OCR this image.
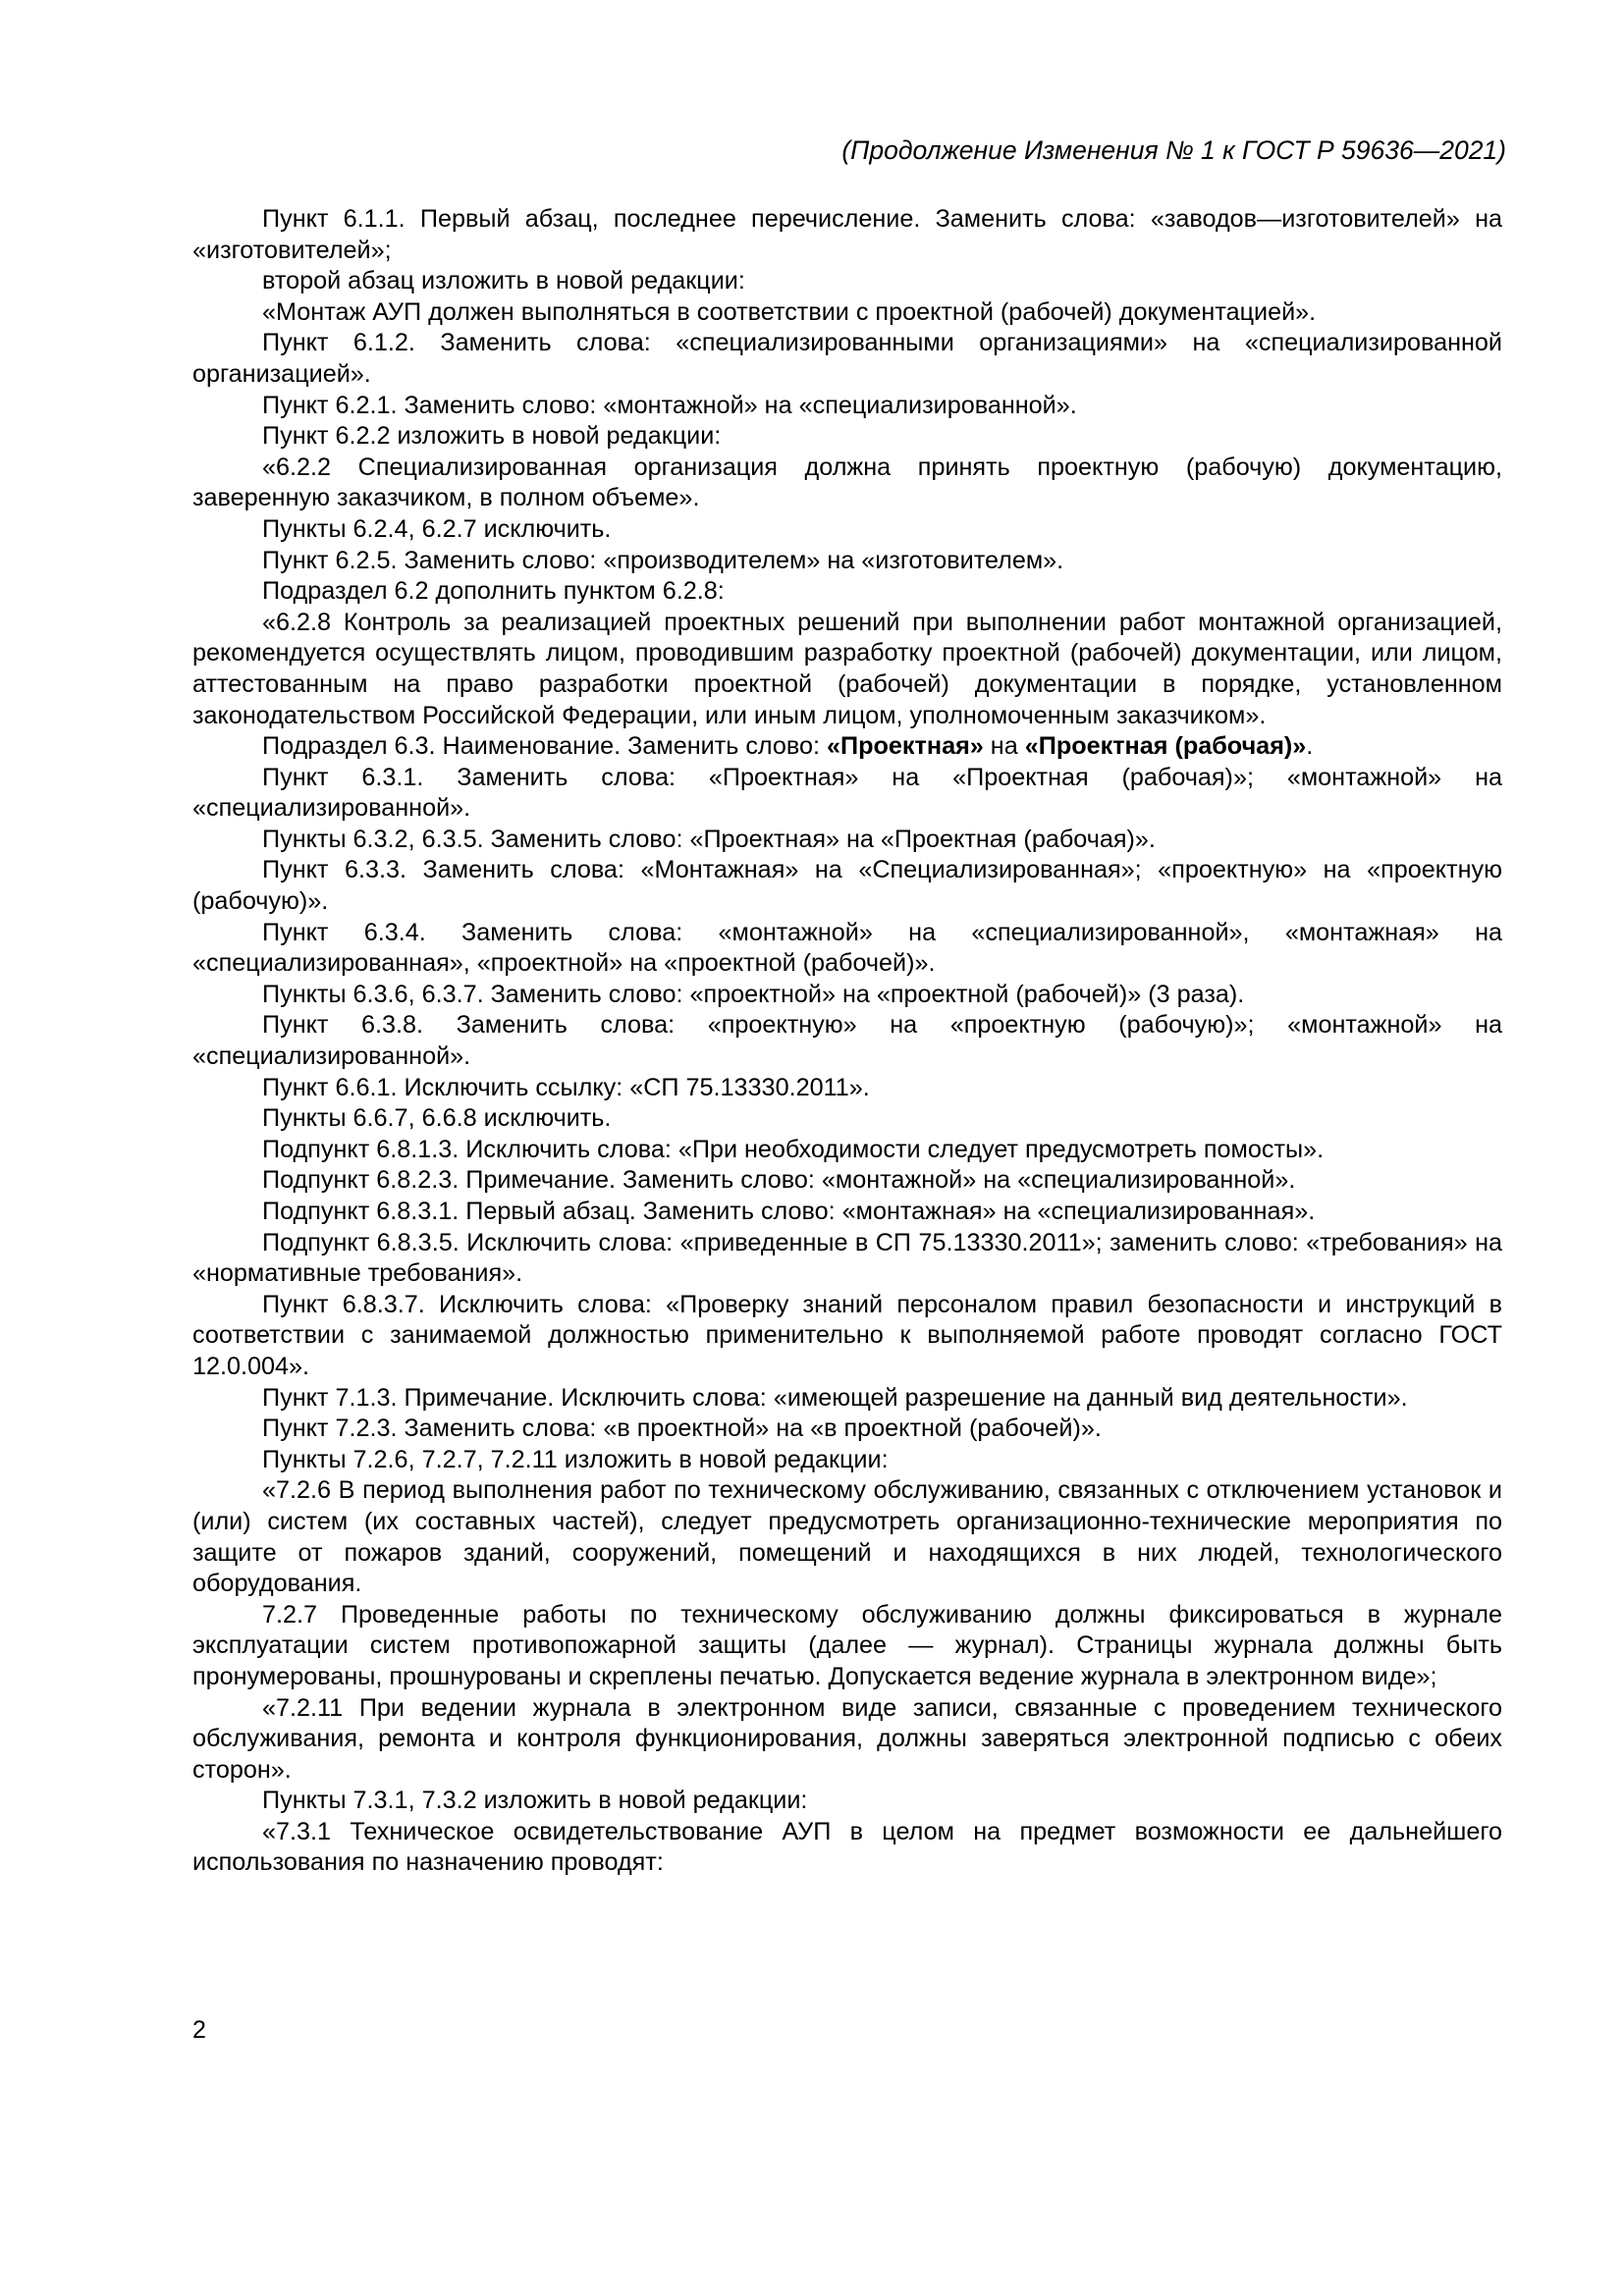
(Продолжение Изменения № 1 к ГОСТ Р 59636—2021)

Пункт 6.1.1. Первый абзац, последнее перечисление. Заменить слова: «заводов—изготовителей» на «изготовителей»;

второй абзац изложить в новой редакции:

«Монтаж АУП должен выполняться в соответствии с проектной (рабочей) документацией».

Пункт 6.1.2. Заменить слова: «специализированными организациями» на «специализированной организацией».

Пункт 6.2.1. Заменить слово: «монтажной» на «специализированной».

Пункт 6.2.2 изложить в новой редакции:

«6.2.2 Специализированная организация должна принять проектную (рабочую) документацию, заверенную заказчиком, в полном объеме».

Пункты 6.2.4, 6.2.7 исключить.

Пункт 6.2.5. Заменить слово: «производителем» на «изготовителем».

Подраздел 6.2 дополнить пунктом 6.2.8:

«6.2.8 Контроль за реализацией проектных решений при выполнении работ монтажной организацией, рекомендуется осуществлять лицом, проводившим разработку проектной (рабочей) документации, или лицом, аттестованным на право разработки проектной (рабочей) документации в порядке, установленном законодательством Российской Федерации, или иным лицом, уполномоченным заказчиком».

Подраздел 6.3. Наименование. Заменить слово: «Проектная» на «Проектная (рабочая)».

Пункт 6.3.1. Заменить слова: «Проектная» на «Проектная (рабочая)»; «монтажной» на «специализированной».

Пункты 6.3.2, 6.3.5. Заменить слово: «Проектная» на «Проектная (рабочая)».

Пункт 6.3.3. Заменить слова: «Монтажная» на «Специализированная»; «проектную» на «проектную (рабочую)».

Пункт 6.3.4. Заменить слова: «монтажной» на «специализированной», «монтажная» на «специализированная», «проектной» на «проектной (рабочей)».

Пункты 6.3.6, 6.3.7. Заменить слово: «проектной» на «проектной (рабочей)» (3 раза).

Пункт 6.3.8. Заменить слова: «проектную» на «проектную (рабочую)»; «монтажной» на «специализированной».

Пункт 6.6.1. Исключить ссылку: «СП 75.13330.2011».

Пункты 6.6.7, 6.6.8 исключить.

Подпункт 6.8.1.3. Исключить слова: «При необходимости следует предусмотреть помосты».

Подпункт 6.8.2.3. Примечание. Заменить слово: «монтажной» на «специализированной».

Подпункт 6.8.3.1. Первый абзац. Заменить слово: «монтажная» на «специализированная».

Подпункт 6.8.3.5. Исключить слова: «приведенные в СП 75.13330.2011»; заменить слово: «требования» на «нормативные требования».

Пункт 6.8.3.7. Исключить слова: «Проверку знаний персоналом правил безопасности и инструкций в соответствии с занимаемой должностью применительно к выполняемой работе проводят согласно ГОСТ 12.0.004».

Пункт 7.1.3. Примечание. Исключить слова: «имеющей разрешение на данный вид деятельности».

Пункт 7.2.3. Заменить слова: «в проектной» на «в проектной (рабочей)».

Пункты 7.2.6, 7.2.7, 7.2.11 изложить в новой редакции:

«7.2.6 В период выполнения работ по техническому обслуживанию, связанных с отключением установок и (или) систем (их составных частей), следует предусмотреть организационно-технические мероприятия по защите от пожаров зданий, сооружений, помещений и находящихся в них людей, технологического оборудования.

7.2.7 Проведенные работы по техническому обслуживанию должны фиксироваться в журнале эксплуатации систем противопожарной защиты (далее — журнал). Страницы журнала должны быть пронумерованы, прошнурованы и скреплены печатью. Допускается ведение журнала в электронном виде»;

«7.2.11 При ведении журнала в электронном виде записи, связанные с проведением технического обслуживания, ремонта и контроля функционирования, должны заверяться электронной подписью с обеих сторон».

Пункты 7.3.1, 7.3.2 изложить в новой редакции:

«7.3.1 Техническое освидетельствование АУП в целом на предмет возможности ее дальнейшего использования по назначению проводят:

2
